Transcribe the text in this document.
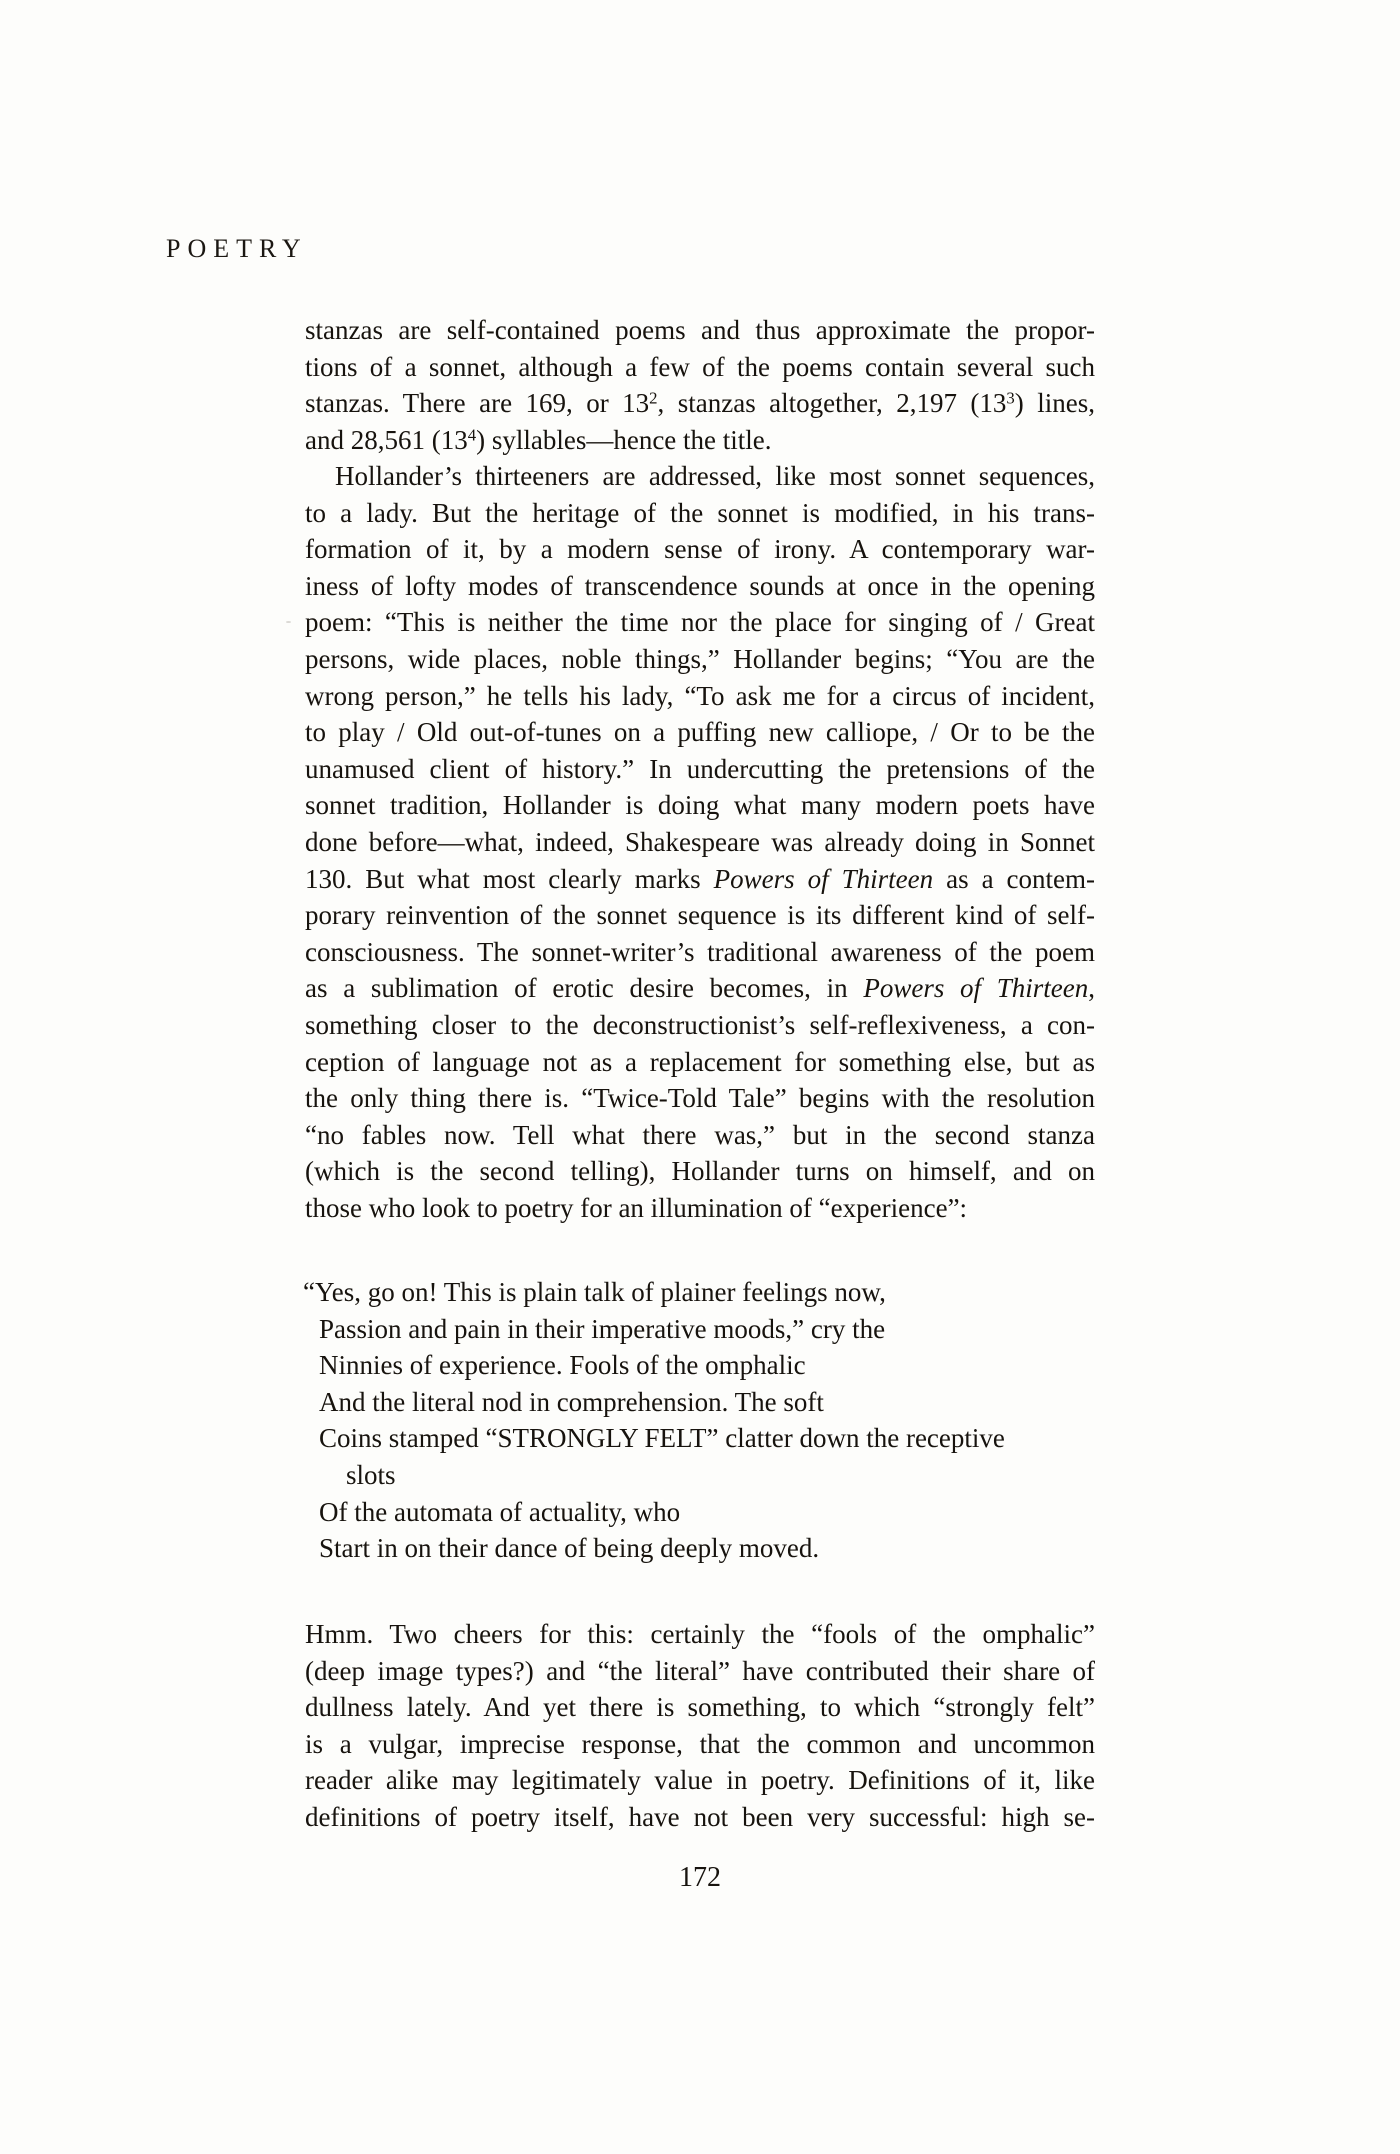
POETRY
stanzas are self-contained poems and thus approximate the propor-
tions of a sonnet, although a few of the poems contain several such
stanzas. There are 169, or $13^2$, stanzas altogether, 2,197 $(13^3)$ lines,
and 28,561 $(13^4)$ syllables—hence the title.
Hollander’s thirteeners are addressed, like most sonnet sequences,
to a lady. But the heritage of the sonnet is modified, in his trans-
formation of it, by a modern sense of irony. A contemporary war-
iness of lofty modes of transcendence sounds at once in the opening
poem: “This is neither the time nor the place for singing of / Great
persons, wide places, noble things,” Hollander begins; “You are the
wrong person,” he tells his lady, “To ask me for a circus of incident,
to play / Old out-of-tunes on a puffing new calliope, / Or to be the
unamused client of history.” In undercutting the pretensions of the
sonnet tradition, Hollander is doing what many modern poets have
done before—what, indeed, Shakespeare was already doing in Sonnet
130. But what most clearly marks Powers of Thirteen as a contem-
porary reinvention of the sonnet sequence is its different kind of self-
consciousness. The sonnet-writer’s traditional awareness of the poem
as a sublimation of erotic desire becomes, in Powers of Thirteen,
something closer to the deconstructionist’s self-reflexiveness, a con-
ception of language not as a replacement for something else, but as
the only thing there is. “Twice-Told Tale” begins with the resolution
“no fables now. Tell what there was,” but in the second stanza
(which is the second telling), Hollander turns on himself, and on
those who look to poetry for an illumination of “experience”:
“Yes, go on! This is plain talk of plainer feelings now,
Passion and pain in their imperative moods,” cry the
Ninnies of experience. Fools of the omphalic
And the literal nod in comprehension. The soft
Coins stamped “STRONGLY FELT” clatter down the receptive
slots
Of the automata of actuality, who
Start in on their dance of being deeply moved.
Hmm. Two cheers for this: certainly the “fools of the omphalic”
(deep image types?) and “the literal” have contributed their share of
dullness lately. And yet there is something, to which “strongly felt”
is a vulgar, imprecise response, that the common and uncommon
reader alike may legitimately value in poetry. Definitions of it, like
definitions of poetry itself, have not been very successful: high se-
172
